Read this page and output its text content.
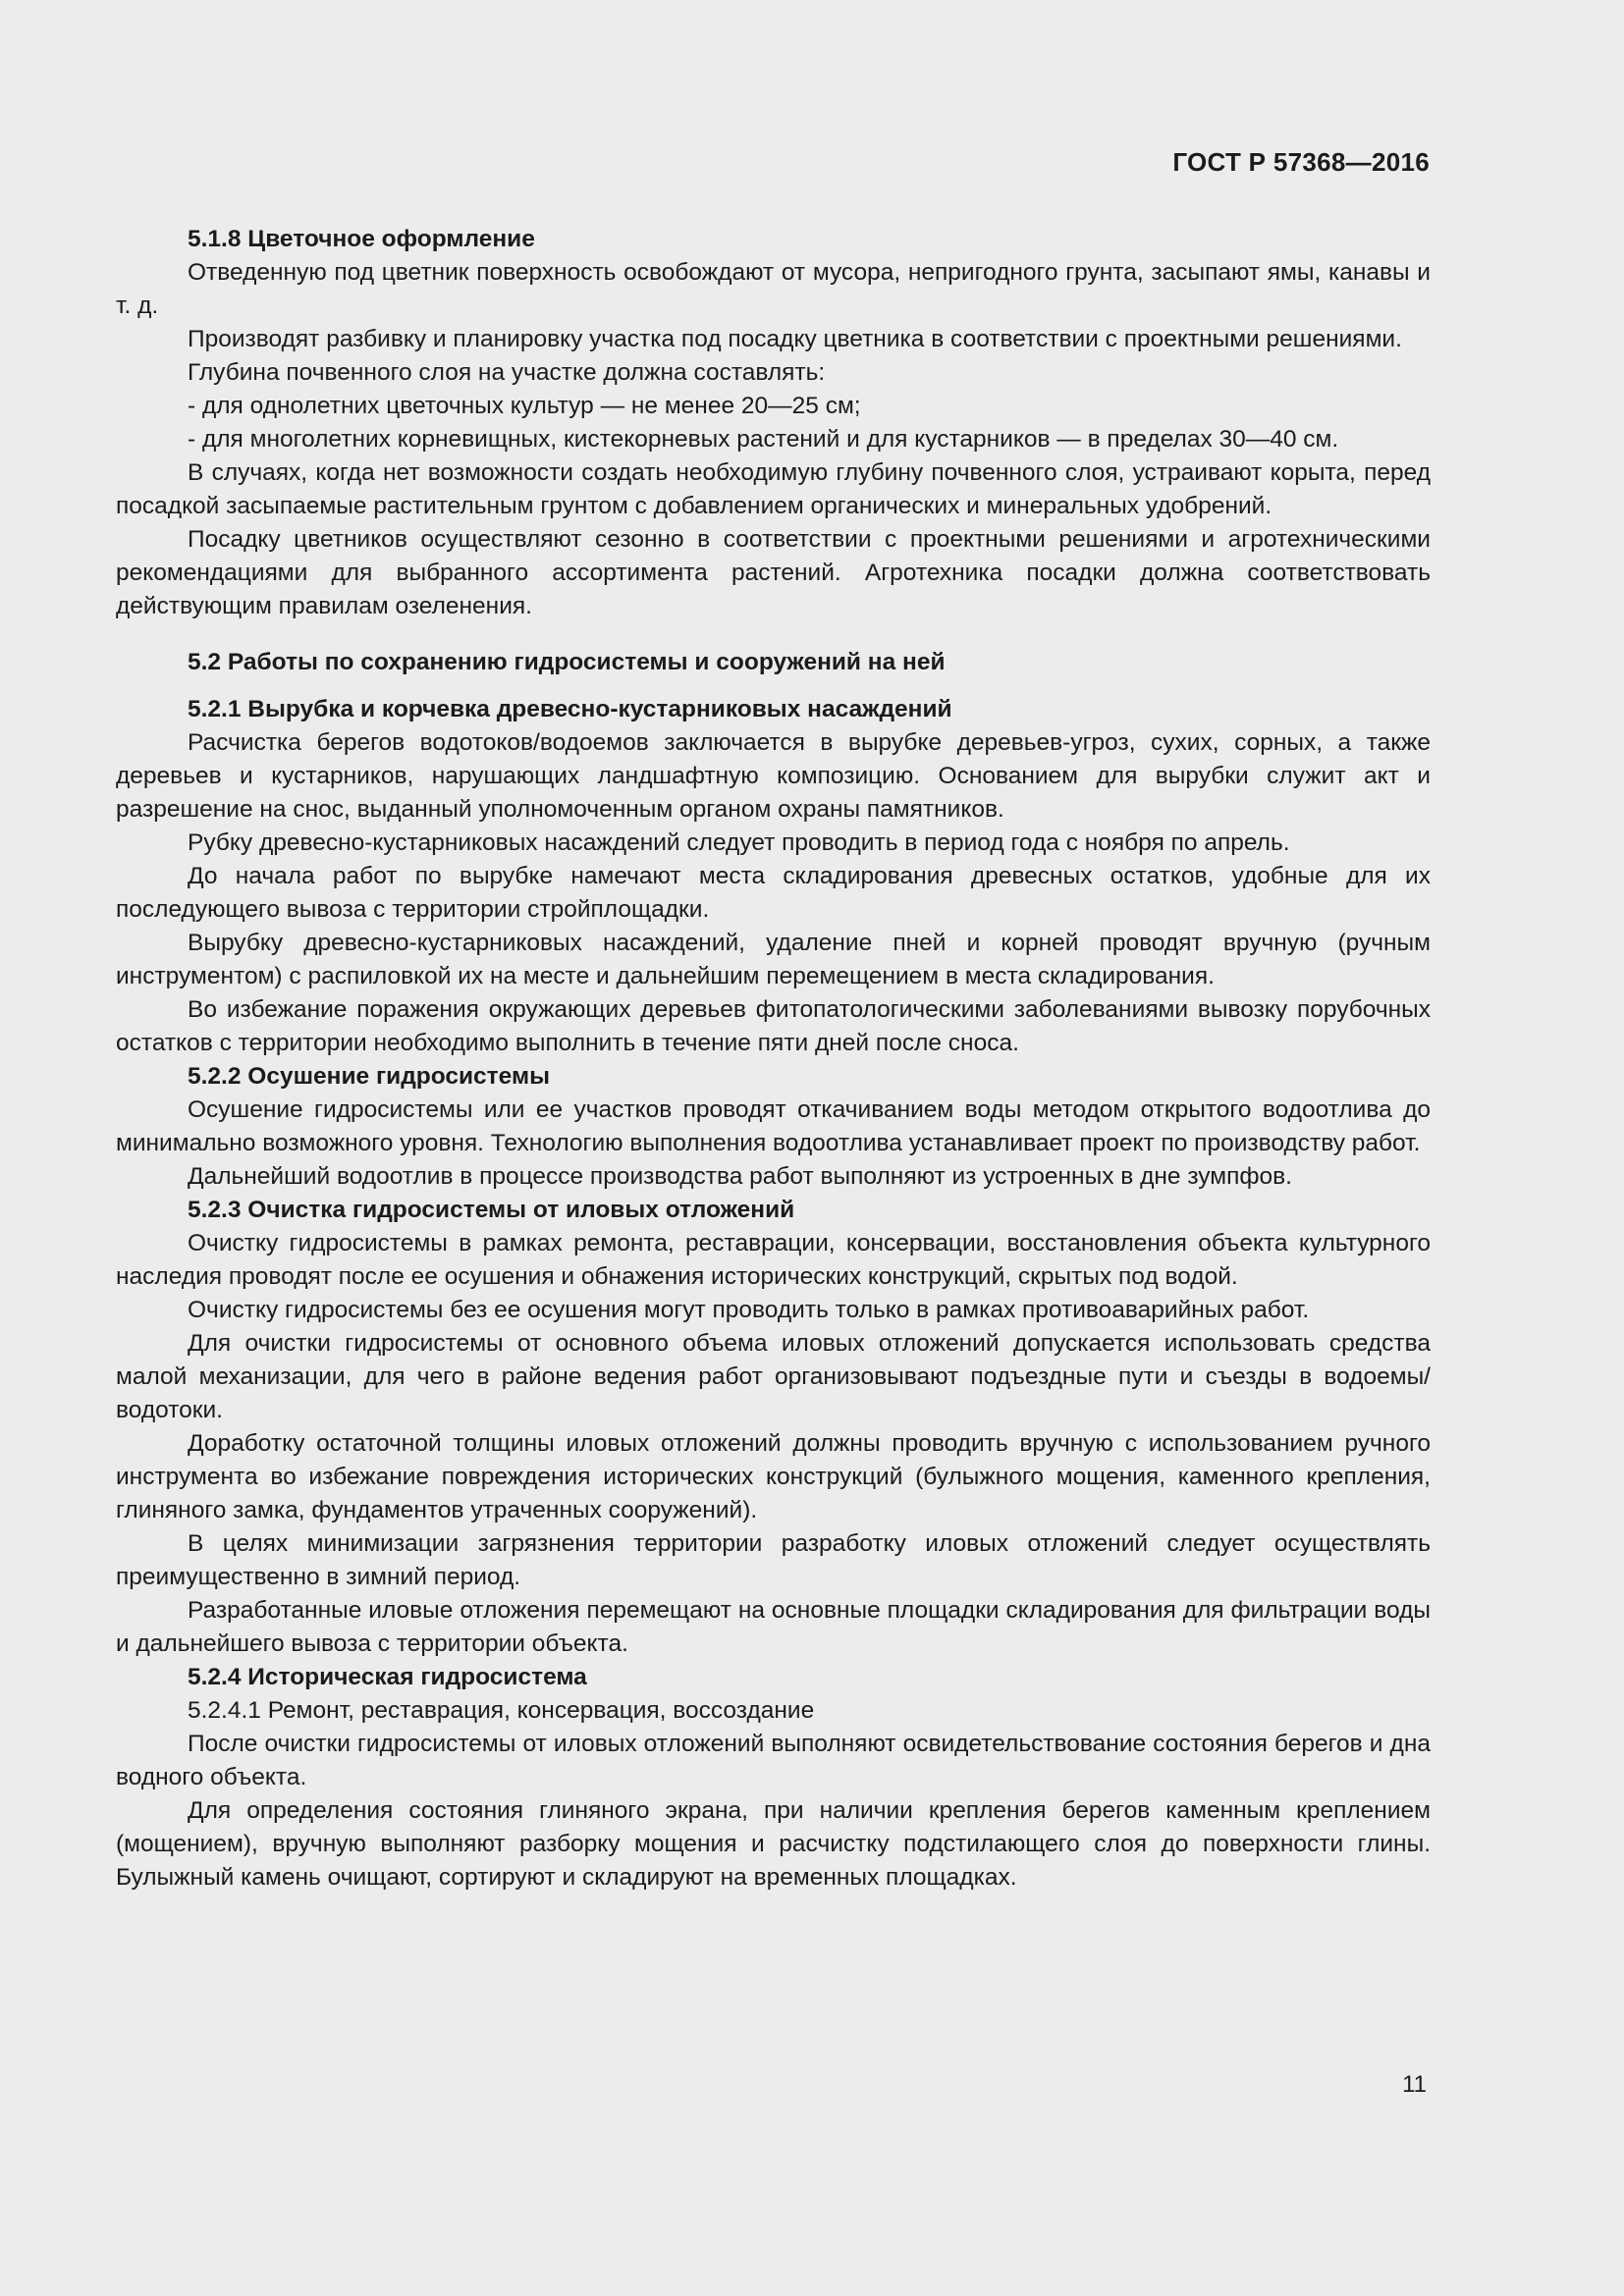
ГОСТ Р 57368—2016

5.1.8 Цветочное оформление

Отведенную под цветник поверхность освобождают от мусора, непригодного грунта, засыпают ямы, канавы и т. д.

Производят разбивку и планировку участка под посадку цветника в соответствии с проектными решениями.

Глубина почвенного слоя на участке должна составлять:

- для однолетних цветочных культур — не менее 20—25 см;

- для многолетних корневищных, кистекорневых растений и для кустарников — в пределах 30—40 см.

В случаях, когда нет возможности создать необходимую глубину почвенного слоя, устраивают корыта, перед посадкой засыпаемые растительным грунтом с добавлением органических и минеральных удобрений.

Посадку цветников осуществляют сезонно в соответствии с проектными решениями и агротехническими рекомендациями для выбранного ассортимента растений. Агротехника посадки должна соответствовать действующим правилам озеленения.

5.2 Работы по сохранению гидросистемы и сооружений на ней

5.2.1 Вырубка и корчевка древесно-кустарниковых насаждений

Расчистка берегов водотоков/водоемов заключается в вырубке деревьев-угроз, сухих, сорных, а также деревьев и кустарников, нарушающих ландшафтную композицию. Основанием для вырубки служит акт и разрешение на снос, выданный уполномоченным органом охраны памятников.

Рубку древесно-кустарниковых насаждений следует проводить в период года с ноября по апрель.

До начала работ по вырубке намечают места складирования древесных остатков, удобные для их последующего вывоза с территории стройплощадки.

Вырубку древесно-кустарниковых насаждений, удаление пней и корней проводят вручную (ручным инструментом) с распиловкой их на месте и дальнейшим перемещением в места складирования.

Во избежание поражения окружающих деревьев фитопатологическими заболеваниями вывозку порубочных остатков с территории необходимо выполнить в течение пяти дней после сноса.

5.2.2 Осушение гидросистемы

Осушение гидросистемы или ее участков проводят откачиванием воды методом открытого водоотлива до минимально возможного уровня. Технологию выполнения водоотлива устанавливает проект по производству работ.

Дальнейший водоотлив в процессе производства работ выполняют из устроенных в дне зумпфов.

5.2.3 Очистка гидросистемы от иловых отложений

Очистку гидросистемы в рамках ремонта, реставрации, консервации, восстановления объекта культурного наследия проводят после ее осушения и обнажения исторических конструкций, скрытых под водой.

Очистку гидросистемы без ее осушения могут проводить только в рамках противоаварийных работ.

Для очистки гидросистемы от основного объема иловых отложений допускается использовать средства малой механизации, для чего в районе ведения работ организовывают подъездные пути и съезды в водоемы/водотоки.

Доработку остаточной толщины иловых отложений должны проводить вручную с использованием ручного инструмента во избежание повреждения исторических конструкций (булыжного мощения, каменного крепления, глиняного замка, фундаментов утраченных сооружений).

В целях минимизации загрязнения территории разработку иловых отложений следует осуществлять преимущественно в зимний период.

Разработанные иловые отложения перемещают на основные площадки складирования для фильтрации воды и дальнейшего вывоза с территории объекта.

5.2.4 Историческая гидросистема

5.2.4.1 Ремонт, реставрация, консервация, воссоздание

После очистки гидросистемы от иловых отложений выполняют освидетельствование состояния берегов и дна водного объекта.

Для определения состояния глиняного экрана, при наличии крепления берегов каменным креплением (мощением), вручную выполняют разборку мощения и расчистку подстилающего слоя до поверхности глины. Булыжный камень очищают, сортируют и складируют на временных площадках.

11
